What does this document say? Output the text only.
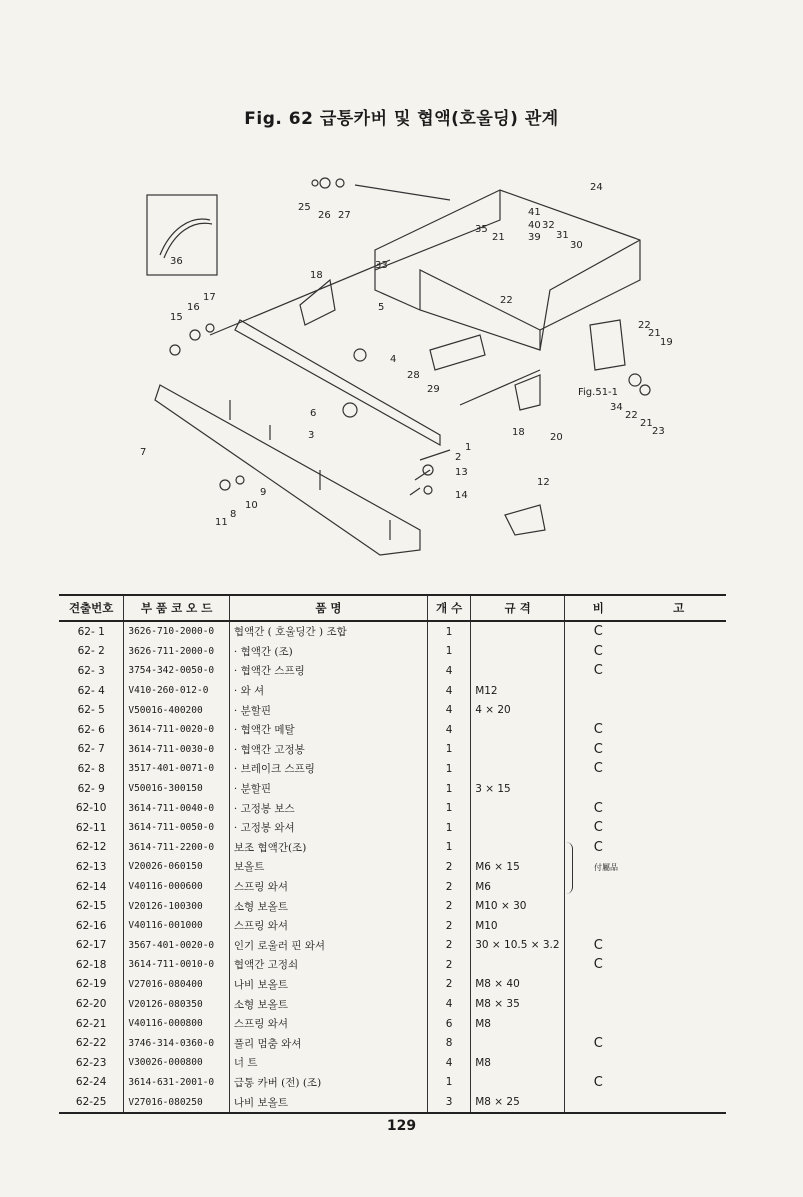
Fig. 62 급통카버 및 협액(호울딩) 관계
24
25
26 27
33
35
21
41
40
39
32
31
30
22
36
18
17
16
15
5
4
28
29
7
6
3
1
2
13
14
12
11
8
10
9
18	20
34
22
21
23
19
22
21
Fig.51-1
견출번호	부 품 코 오 드	품 명	개 수	규 격	비	고
62- 1	3626-710-2000-0	협액간 ( 호울딩간 ) 조합	1		C	
62- 2	3626-711-2000-0	· 협액간 (조)	1		C	
62- 3	3754-342-0050-0	· 협액간 스프링	4		C	
62- 4	V410-260-012-0	· 와 셔	4	M12		
62- 5	V50016-400200	· 분할핀	4	4 × 20		
62- 6	3614-711-0020-0	· 협액간 메탈	4		C	
62- 7	3614-711-0030-0	· 협액간 고정봉	1		C	
62- 8	3517-401-0071-0	· 브레이크 스프링	1		C	
62- 9	V50016-300150	· 분할핀	1	3 × 15		
62-10	3614-711-0040-0	· 고정봉 보스	1		C	
62-11	3614-711-0050-0	· 고정봉 와셔	1		C	
62-12	3614-711-2200-0	보조 협액간(조)	1		C	
62-13	V20026-060150	보올트	2	M6 × 15		
62-14	V40116-000600	스프링 와셔	2	M6		
62-15	V20126-100300	소형 보올트	2	M10 × 30		
62-16	V40116-001000	스프링 와셔	2	M10		
62-17	3567-401-0020-0	인기 로울러 핀 와셔	2	30 × 10.5 × 3.2	C	
62-18	3614-711-0010-0	협액간 고정쇠	2		C	
62-19	V27016-080400	나비 보올트	2	M8 × 40		
62-20	V20126-080350	소형 보올트	4	M8 × 35		
62-21	V40116-000800	스프링 와셔	6	M8		
62-22	3746-314-0360-0	풀리 멈춤 와셔	8		C	
62-23	V30026-000800	너 트	4	M8		
62-24	3614-631-2001-0	급통 카버 (전) (조)	1		C	
62-25	V27016-080250	나비 보올트	3	M8 × 25		
付屬品
129
